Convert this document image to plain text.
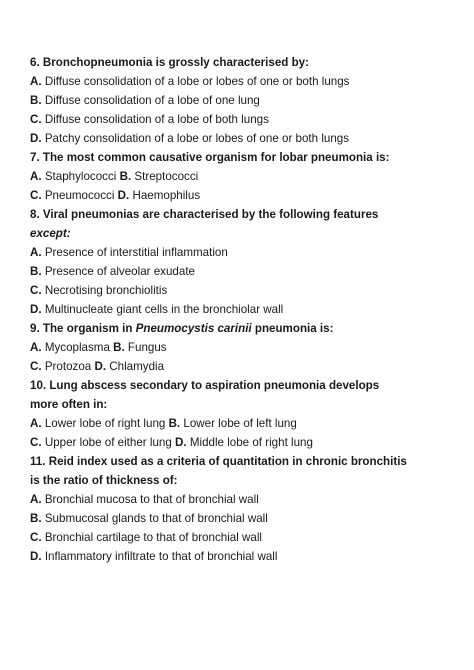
6. Bronchopneumonia is grossly characterised by:
A. Diffuse consolidation of a lobe or lobes of one or both lungs
B. Diffuse consolidation of a lobe of one lung
C. Diffuse consolidation of a lobe of both lungs
D. Patchy consolidation of a lobe or lobes of one or both lungs
7. The most common causative organism for lobar pneumonia is:
A. Staphylococci B. Streptococci
C. Pneumococci D. Haemophilus
8. Viral pneumonias are characterised by the following features
except:
A. Presence of interstitial inflammation
B. Presence of alveolar exudate
C. Necrotising bronchiolitis
D. Multinucleate giant cells in the bronchiolar wall
9. The organism in Pneumocystis carinii pneumonia is:
A. Mycoplasma B. Fungus
C. Protozoa D. Chlamydia
10. Lung abscess secondary to aspiration pneumonia develops
more often in:
A. Lower lobe of right lung B. Lower lobe of left lung
C. Upper lobe of either lung D. Middle lobe of right lung
11. Reid index used as a criteria of quantitation in chronic bronchitis
is the ratio of thickness of:
A. Bronchial mucosa to that of bronchial wall
B. Submucosal glands to that of bronchial wall
C. Bronchial cartilage to that of bronchial wall
D. Inflammatory infiltrate to that of bronchial wall
